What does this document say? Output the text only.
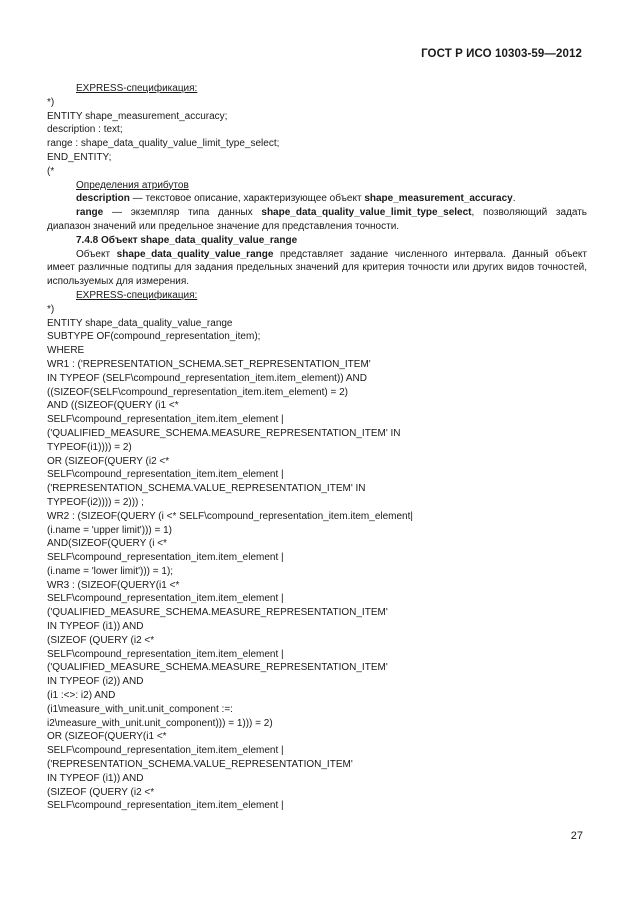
ГОСТ Р ИСО 10303-59—2012
EXPRESS-спецификация:
*)
ENTITY shape_measurement_accuracy;
description : text;
range : shape_data_quality_value_limit_type_select;
END_ENTITY;
(*
Определения атрибутов
description — текстовое описание, характеризующее объект shape_measurement_accuracy.
range — экземпляр типа данных shape_data_quality_value_limit_type_select, позволяющий задать диапазон значений или предельное значение для представления точности.
7.4.8 Объект shape_data_quality_value_range
Объект shape_data_quality_value_range представляет задание численного интервала. Данный объект имеет различные подтипы для задания предельных значений для критерия точности или других видов точностей, используемых для измерения.
EXPRESS-спецификация:
*)
ENTITY shape_data_quality_value_range
SUBTYPE OF(compound_representation_item);
WHERE
WR1 : ('REPRESENTATION_SCHEMA.SET_REPRESENTATION_ITEM'
IN TYPEOF (SELF\compound_representation_item.item_element)) AND
((SIZEOF(SELF\compound_representation_item.item_element) = 2)
AND ((SIZEOF(QUERY (i1 <*
SELF\compound_representation_item.item_element |
('QUALIFIED_MEASURE_SCHEMA.MEASURE_REPRESENTATION_ITEM' IN
TYPEOF(i1)))) = 2)
OR (SIZEOF(QUERY (i2 <*
SELF\compound_representation_item.item_element |
('REPRESENTATION_SCHEMA.VALUE_REPRESENTATION_ITEM' IN
TYPEOF(i2)))) = 2))) ;
WR2 : (SIZEOF(QUERY (i <* SELF\compound_representation_item.item_element|
(i.name = 'upper limit'))) = 1)
AND(SIZEOF(QUERY (i <*
SELF\compound_representation_item.item_element |
(i.name = 'lower limit'))) = 1);
WR3 : (SIZEOF(QUERY(i1 <*
SELF\compound_representation_item.item_element |
('QUALIFIED_MEASURE_SCHEMA.MEASURE_REPRESENTATION_ITEM'
IN TYPEOF (i1)) AND
(SIZEOF (QUERY (i2 <*
SELF\compound_representation_item.item_element |
('QUALIFIED_MEASURE_SCHEMA.MEASURE_REPRESENTATION_ITEM'
IN TYPEOF (i2)) AND
(i1 :<>: i2) AND
(i1\measure_with_unit.unit_component :=:
i2\measure_with_unit.unit_component))) = 1))) = 2)
OR (SIZEOF(QUERY(i1 <*
SELF\compound_representation_item.item_element |
('REPRESENTATION_SCHEMA.VALUE_REPRESENTATION_ITEM'
IN TYPEOF (i1)) AND
(SIZEOF (QUERY (i2 <*
SELF\compound_representation_item.item_element |
27
